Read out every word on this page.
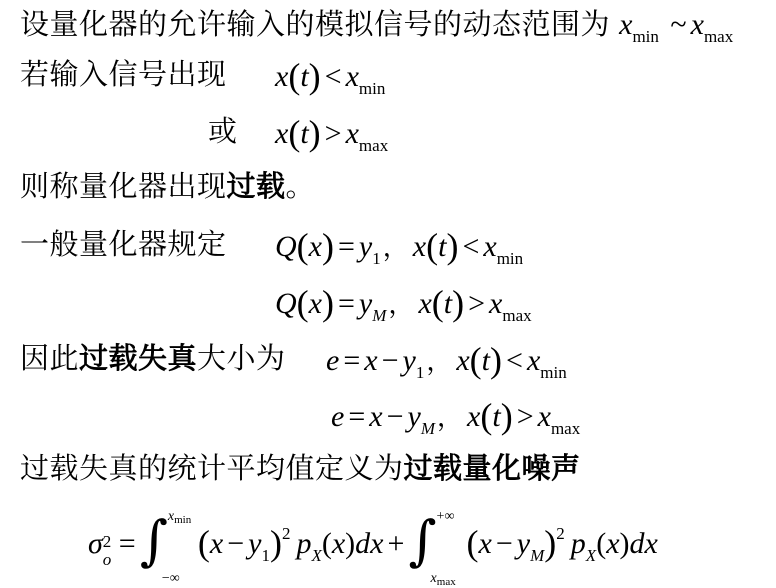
设量化器的允许输入的模拟信号的动态范围为 $x_{min}$ ~ $x_{max}$
若输入信号出现 $x(t) < x_{min}$
或 $x(t) > x_{max}$
则称量化器出现过载。
一般量化器规定 $Q(x) = y_1$， $x(t) < x_{min}$
$Q(x) = y_M$， $x(t) > x_{max}$
因此过载失真大小为 $e = x - y_1$， $x(t) < x_{min}$
$e = x - y_M$， $x(t) > x_{max}$
过载失真的统计平均值定义为过载量化噪声
σ 2
o =∫ $x_{min}$
−∞
$(x - y_1)^2$ $p_X(x)dx$ +∫ +∞
$x_{max}$
$(x - y_M)^2$ $p_X(x)dx$
